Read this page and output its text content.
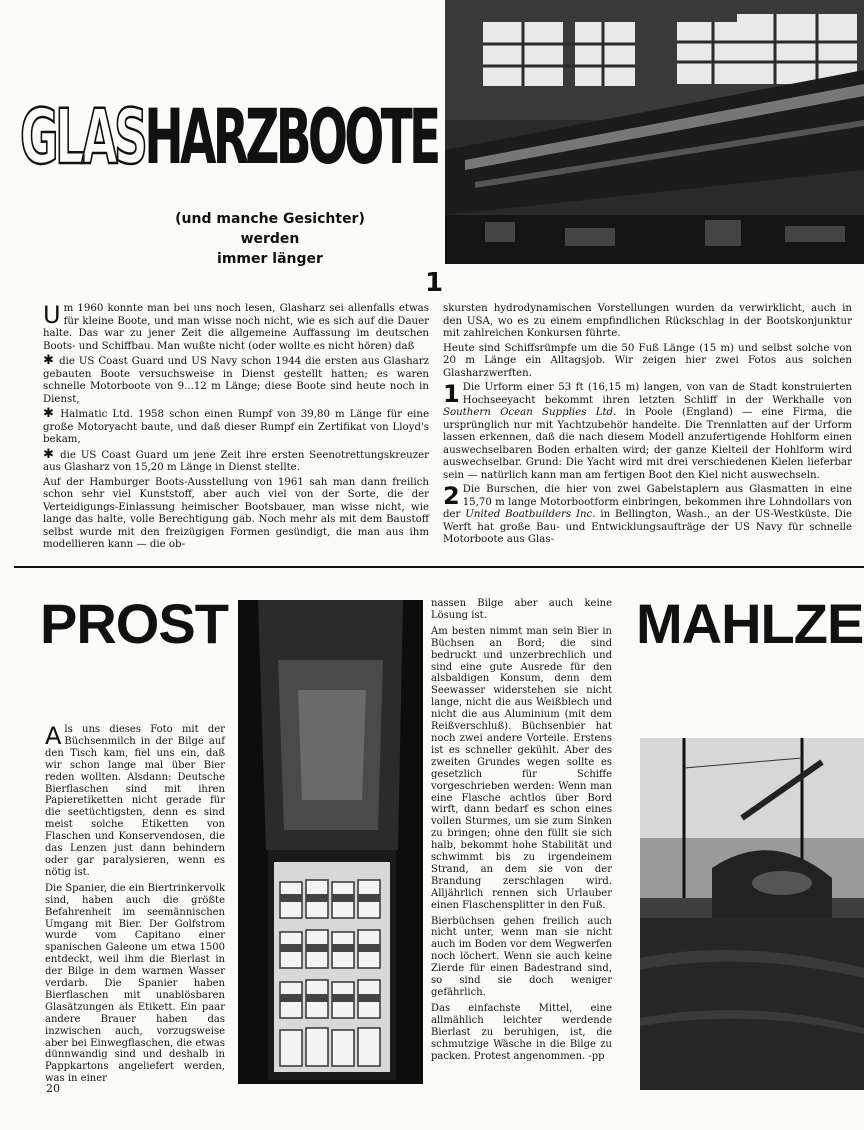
GLASHARZBOOTE
(und manche Gesichter)
werden
immer länger
1

Um 1960 konnte man bei uns noch lesen, Glasharz sei allenfalls etwas für kleine Boote, und man wisse noch nicht, wie es sich auf die Dauer halte. Das war zu jener Zeit die allgemeine Auffassung im deutschen Boots- und Schiffbau. Man wußte nicht (oder wollte es nicht hören) daß

✱ die US Coast Guard und US Navy schon 1944 die ersten aus Glasharz gebauten Boote versuchsweise in Dienst gestellt hatten; es waren schnelle Motorboote von 9...12 m Länge; diese Boote sind heute noch in Dienst,

✱ Halmatic Ltd. 1958 schon einen Rumpf von 39,80 m Länge für eine große Motoryacht baute, und daß dieser Rumpf ein Zertifikat von Lloyd's bekam,

✱ die US Coast Guard um jene Zeit ihre ersten Seenotrettungskreuzer aus Glasharz von 15,20 m Länge in Dienst stellte.

Auf der Hamburger Boots-Ausstellung von 1961 sah man dann freilich schon sehr viel Kunststoff, aber auch viel von der Sorte, die der Verteidigungs-Einlassung heimischer Bootsbauer, man wisse nicht, wie lange das halte, volle Berechtigung gab. Noch mehr als mit dem Baustoff selbst wurde mit den freizügigen Formen gesündigt, die man aus ihm modellieren kann — die ob-

skursten hydrodynamischen Vorstellungen wurden da verwirklicht, auch in den USA, wo es zu einem empfindlichen Rückschlag in der Bootskonjunktur mit zahlreichen Konkursen führte.

Heute sind Schiffsrümpfe um die 50 Fuß Länge (15 m) und selbst solche von 20 m Länge ein Alltagsjob. Wir zeigen hier zwei Fotos aus solchen Glasharzwerften.

1 Die Urform einer 53 ft (16,15 m) langen, von van de Stadt konstruierten Hochseeyacht bekommt ihren letzten Schliff in der Werkhalle von Southern Ocean Supplies Ltd. in Poole (England) — eine Firma, die ursprünglich nur mit Yachtzubehör handelte. Die Trennlatten auf der Urform lassen erkennen, daß die nach diesem Modell anzufertigende Hohlform einen auswechselbaren Boden erhalten wird; der ganze Kielteil der Hohlform wird auswechselbar. Grund: Die Yacht wird mit drei verschiedenen Kielen lieferbar sein — natürlich kann man am fertigen Boot den Kiel nicht auswechseln.

2 Die Burschen, die hier von zwei Gabelstaplern aus Glasmatten in eine 15,70 m lange Motorbootform einbringen, bekommen ihre Lohndollars von der United Boatbuilders Inc. in Bellington, Wash., an der US-Westküste. Die Werft hat große Bau- und Entwicklungsaufträge der US Navy für schnelle Motorboote aus Glas-

PROST

Als uns dieses Foto mit der Büchsenmilch in der Bilge auf den Tisch kam, fiel uns ein, daß wir schon lange mal über Bier reden wollten. Alsdann: Deutsche Bierflaschen sind mit ihren Papieretiketten nicht gerade für die seetüchtigsten, denn es sind meist solche Etiketten von Flaschen und Konservendosen, die das Lenzen just dann behindern oder gar paralysieren, wenn es nötig ist.

Die Spanier, die ein Biertrinkervolk sind, haben auch die größte Befahrenheit im seemännischen Umgang mit Bier. Der Golfstrom wurde vom Capitano einer spanischen Galeone um etwa 1500 entdeckt, weil ihm die Bierlast in der Bilge in dem warmen Wasser verdarb. Die Spanier haben Bierflaschen mit unablösbaren Glasätzungen als Etikett. Ein paar andere Brauer haben das inzwischen auch, vorzugsweise aber bei Einwegflaschen, die etwas dünnwandig sind und deshalb in Pappkartons angeliefert werden, was in einer

nassen Bilge aber auch keine Lösung ist.

Am besten nimmt man sein Bier in Büchsen an Bord; die sind bedruckt und unzerbrechlich und sind eine gute Ausrede für den alsbaldigen Konsum, denn dem Seewasser widerstehen sie nicht lange, nicht die aus Weißblech und nicht die aus Aluminium (mit dem Reißverschluß). Büchsenbier hat noch zwei andere Vorteile. Erstens ist es schneller gekühlt. Aber des zweiten Grundes wegen sollte es gesetzlich für Schiffe vorgeschrieben werden: Wenn man eine Flasche achtlos über Bord wirft, dann bedarf es schon eines vollen Sturmes, um sie zum Sinken zu bringen; ohne den füllt sie sich halb, bekommt hohe Stabilität und schwimmt bis zu irgendeinem Strand, an dem sie von der Brandung zerschlagen wird. Alljährlich rennen sich Urlauber einen Flaschensplitter in den Fuß.

Bierbüchsen gehen freilich auch nicht unter, wenn man sie nicht auch im Boden vor dem Wegwerfen noch löchert. Wenn sie auch keine Zierde für einen Badestrand sind, so sind sie doch weniger gefährlich.

Das einfachste Mittel, eine allmählich leichter werdende Bierlast zu beruhigen, ist, die schmutzige Wäsche in die Bilge zu packen. Protest angenommen. -pp

MAHLZE
20
